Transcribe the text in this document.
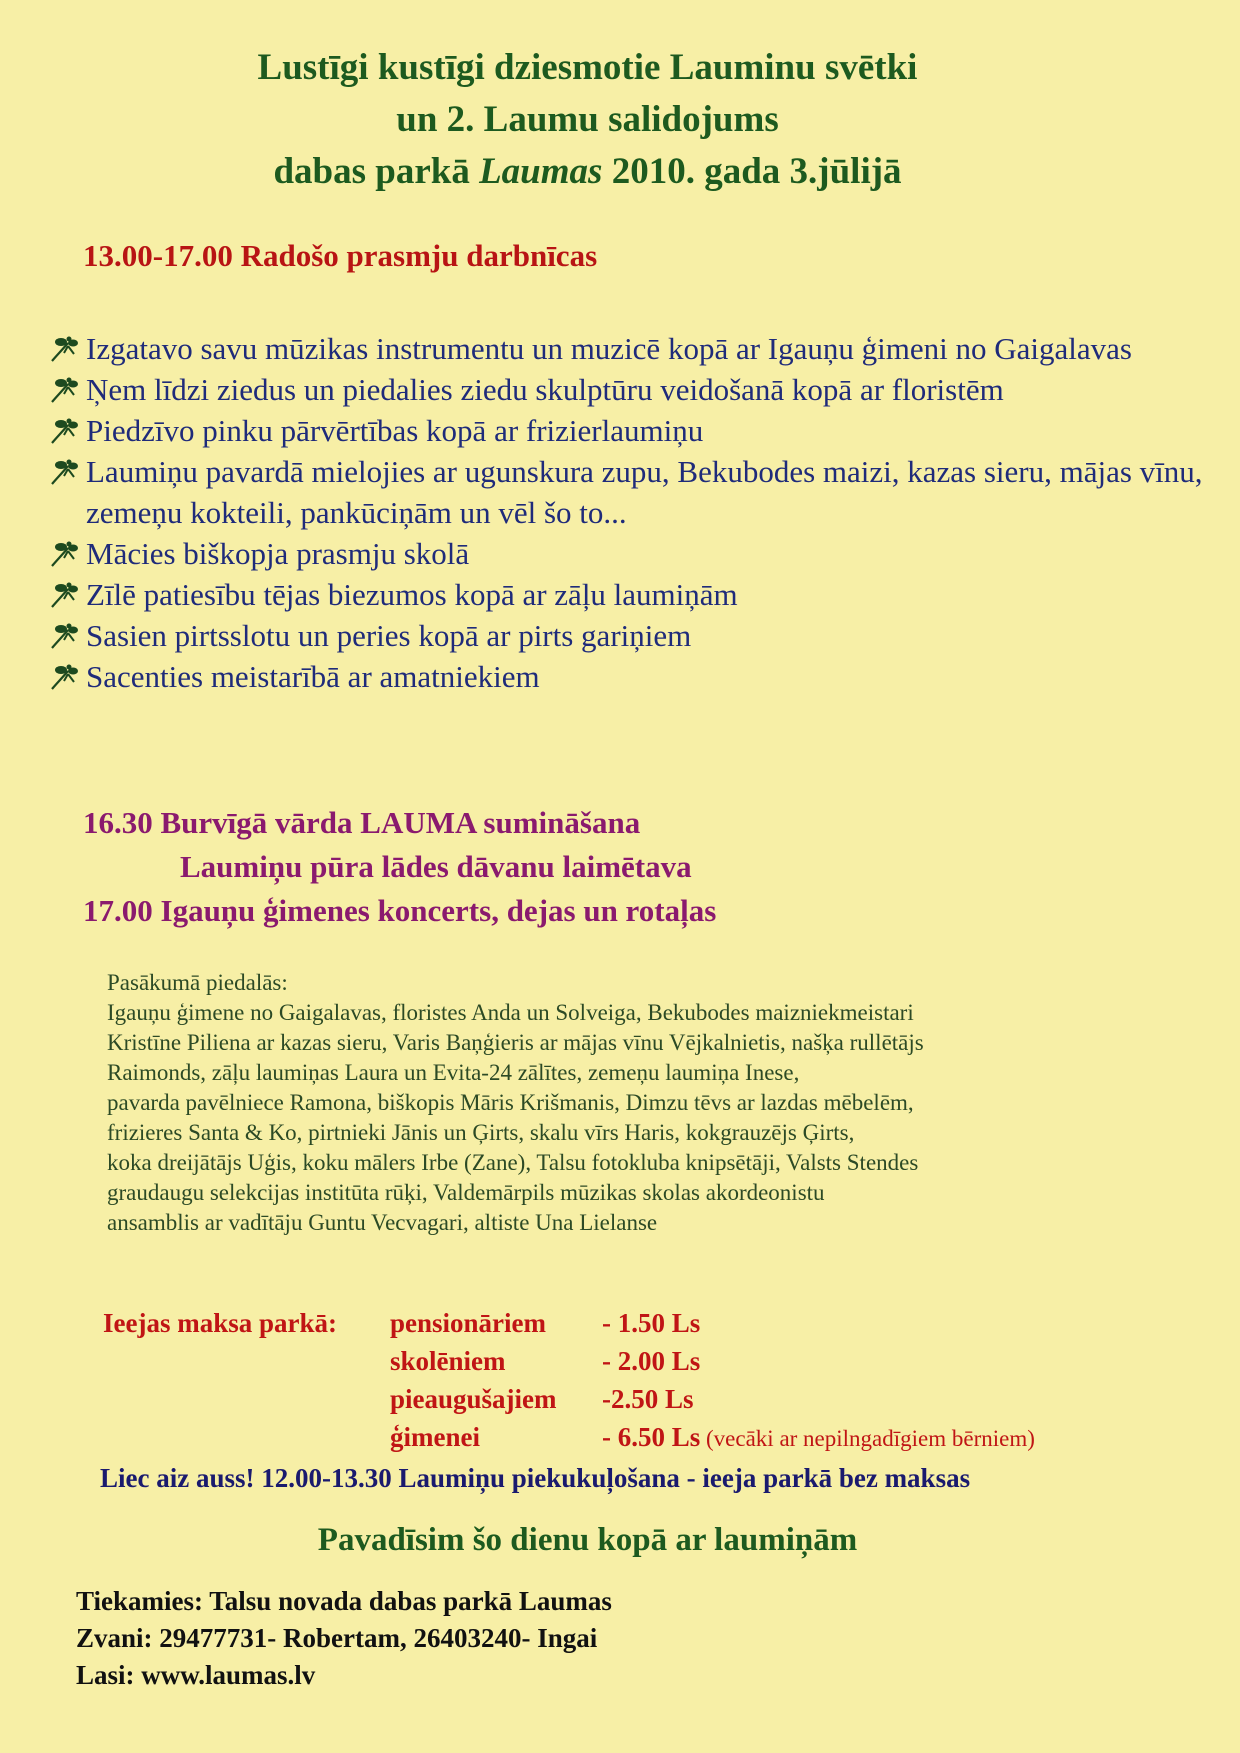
Lustīgi kustīgi dziesmotie Lauminu svētki
un 2. Laumu salidojums
dabas parkā Laumas 2010. gada 3.jūlijā
13.00-17.00 Radošo prasmju darbnīcas
Izgatavo savu mūzikas instrumentu un muzicē kopā ar Igauņu ģimeni no Gaigalavas
Ņem līdzi ziedus un piedalies ziedu skulptūru veidošanā kopā ar floristēm
Piedzīvo pinku pārvērtības kopā ar frizierlaumiņu
Laumiņu pavardā mielojies ar ugunskura zupu, Bekubodes maizi, kazas sieru, mājas vīnu, zemeņu kokteili, pankūciņām un vēl šo to...
Mācies biškopja prasmju skolā
Zīlē patiesību tējas biezumos kopā ar zāļu laumiņām
Sasien pirtsslotu un peries kopā ar pirts gariņiem
Sacenties meistarībā ar amatniekiem
16.30 Burvīgā vārda LAUMA sumināšana
Laumiņu pūra lādes dāvanu laimētava
17.00 Igauņu ģimenes koncerts, dejas un rotaļas
Pasākumā piedalās:
Igauņu ģimene no Gaigalavas, floristes Anda un Solveiga, Bekubodes maizniekmeistari
Kristīne Piliena ar kazas sieru, Varis Baņģieris ar mājas vīnu Vējkalnietis, našķa rullētājs
Raimonds, zāļu laumiņas Laura un Evita-24 zālītes, zemeņu laumiņa Inese,
pavarda pavēlniece Ramona, biškopis Māris Krišmanis, Dimzu tēvs ar lazdas mēbelēm,
frizieres Santa & Ko, pirtnieki Jānis un Ģirts, skalu vīrs Haris, kokgrauzējs Ģirts,
koka dreijātājs Uģis, koku mālers Irbe (Zane), Talsu fotokluba knipsētāji, Valsts Stendes
graudaugu selekcijas institūta rūķi, Valdemārpils mūzikas skolas akordeonistu
ansamblis ar vadītāju Guntu Vecvagari, altiste Una Lielanse
Ieejas maksa parkā:	pensionāriem	- 1.50 Ls
	skolēniem	- 2.00 Ls
	pieaugušajiem	-2.50 Ls
	ģimenei	- 6.50 Ls (vecāki ar nepilngadīgiem bērniem)
Liec aiz auss! 12.00-13.30 Laumiņu piekukuļošana - ieeja parkā bez maksas
Pavadīsim šo dienu kopā ar laumiņām
Tiekamies: Talsu novada dabas parkā Laumas
Zvani: 29477731- Robertam, 26403240- Ingai
Lasi: www.laumas.lv
